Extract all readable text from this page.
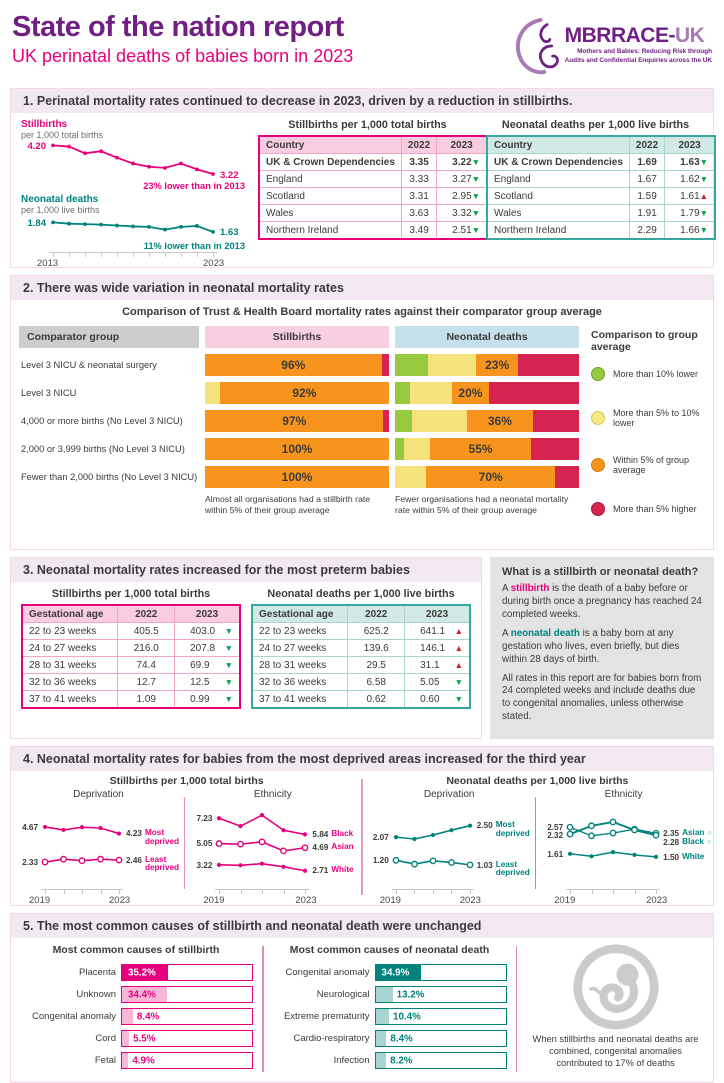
State of the nation report
UK perinatal deaths of babies born in 2023
MBRRACE-UK
Mothers and Babies: Reducing Risk through
Audits and Confidential Enquiries across the UK
1. Perinatal mortality rates continued to decrease in 2023, driven by a reduction in stillbirths.
Stillbirths
per 1,000 total births
23% lower than in 2013
Neonatal deaths
per 1,000 live births
11% lower than in 2013
4.20
3.22
1.84
1.63
2013	2023
Stillbirths per 1,000 total births
Country	2022	2023
UK & Crown Dependencies	3.35	3.22 ▼

England	3.33	3.27 ▼

Scotland	3.31	2.95 ▼

Wales	3.63	3.32 ▼

Northern Ireland	3.49	2.51 ▼
Neonatal deaths per 1,000 live births
Country	2022	2023
UK & Crown Dependencies	1.69	1.63 ▼

England	1.67	1.62 ▼

Scotland	1.59	1.61 ▲

Wales	1.91	1.79 ▼

Northern Ireland	2.29	1.66 ▼
2. There was wide variation in neonatal mortality rates
Comparison of Trust & Health Board mortality rates against their comparator group average
Comparator group	Stillbirths	Neonatal deaths
Level 3 NICU & neonatal surgery	96%	23%
Level 3 NICU	92%	20%
4,000 or more births (No Level 3 NICU)	97%	36%
2,000 or 3,999 births (No Level 3 NICU)	100%	55%
Fewer than 2,000 births (No Level 3 NICU)	100%	70%
Almost all organisations had a stillbirth rate within 5% of their group average
Fewer organisations had a neonatal mortality rate within 5% of their group average
Comparison to group average
More than 10% lower
More than 5% to 10% lower
Within 5% of group average
More than 5% higher
3. Neonatal mortality rates increased for the most preterm babies
Stillbirths per 1,000 total births
Gestational age	2022	2023
22 to 23 weeks	405.5	403.0 ▼

24 to 27 weeks	216.0	207.8 ▼

28 to 31 weeks	74.4	69.9 ▼

32 to 36 weeks	12.7	12.5 ▼

37 to 41 weeks	1.09	0.99 ▼
Neonatal deaths per 1,000 live births
Gestational age	2022	2023
22 to 23 weeks	625.2	641.1 ▲

24 to 27 weeks	139.6	146.1 ▲

28 to 31 weeks	29.5	31.1 ▲

32 to 36 weeks	6.58	5.05 ▼

37 to 41 weeks	0.62	0.60 ▼
What is a stillbirth or neonatal death?

A stillbirth is the death of a baby before or during birth once a pregnancy has reached 24 completed weeks.

A neonatal death is a baby born at any gestation who lives, even briefly, but dies within 28 days of birth.

All rates in this report are for babies born from 24 completed weeks and include deaths due to congenital anomalies, unless otherwise stated.

4. Neonatal mortality rates for babies from the most deprived areas increased for the third year
Stillbirths per 1,000 total births
Deprivation
4.67
2.33
4.23 Most
deprived
2.46 Least
deprived
2019	2023
Ethnicity
7.23
5.05
3.22
5.84 Black
4.69 Asian
2.71 White
2019	2023
Neonatal deaths per 1,000 live births
Deprivation
2.07
1.20
2.50 Most
deprived
1.03 Least
deprived
2019	2023
Ethnicity
2.57
2.32
1.61
2.35 Asian ○
2.28 Black ○
1.50 White
2019	2023
5. The most common causes of stillbirth and neonatal death were unchanged
Most common causes of stillbirth
Placenta	35.2%
Unknown	34.4%
Congenital anomaly	8.4%
Cord	5.5%
Fetal	4.9%
Most common causes of neonatal death
Congenital anomaly	34.9%
Neurological	13.2%
Extreme prematurity	10.4%
Cardio-respiratory	8.4%
Infection	8.2%
When stillbirths and neonatal deaths are combined, congenital anomalies contributed to 17% of deaths
